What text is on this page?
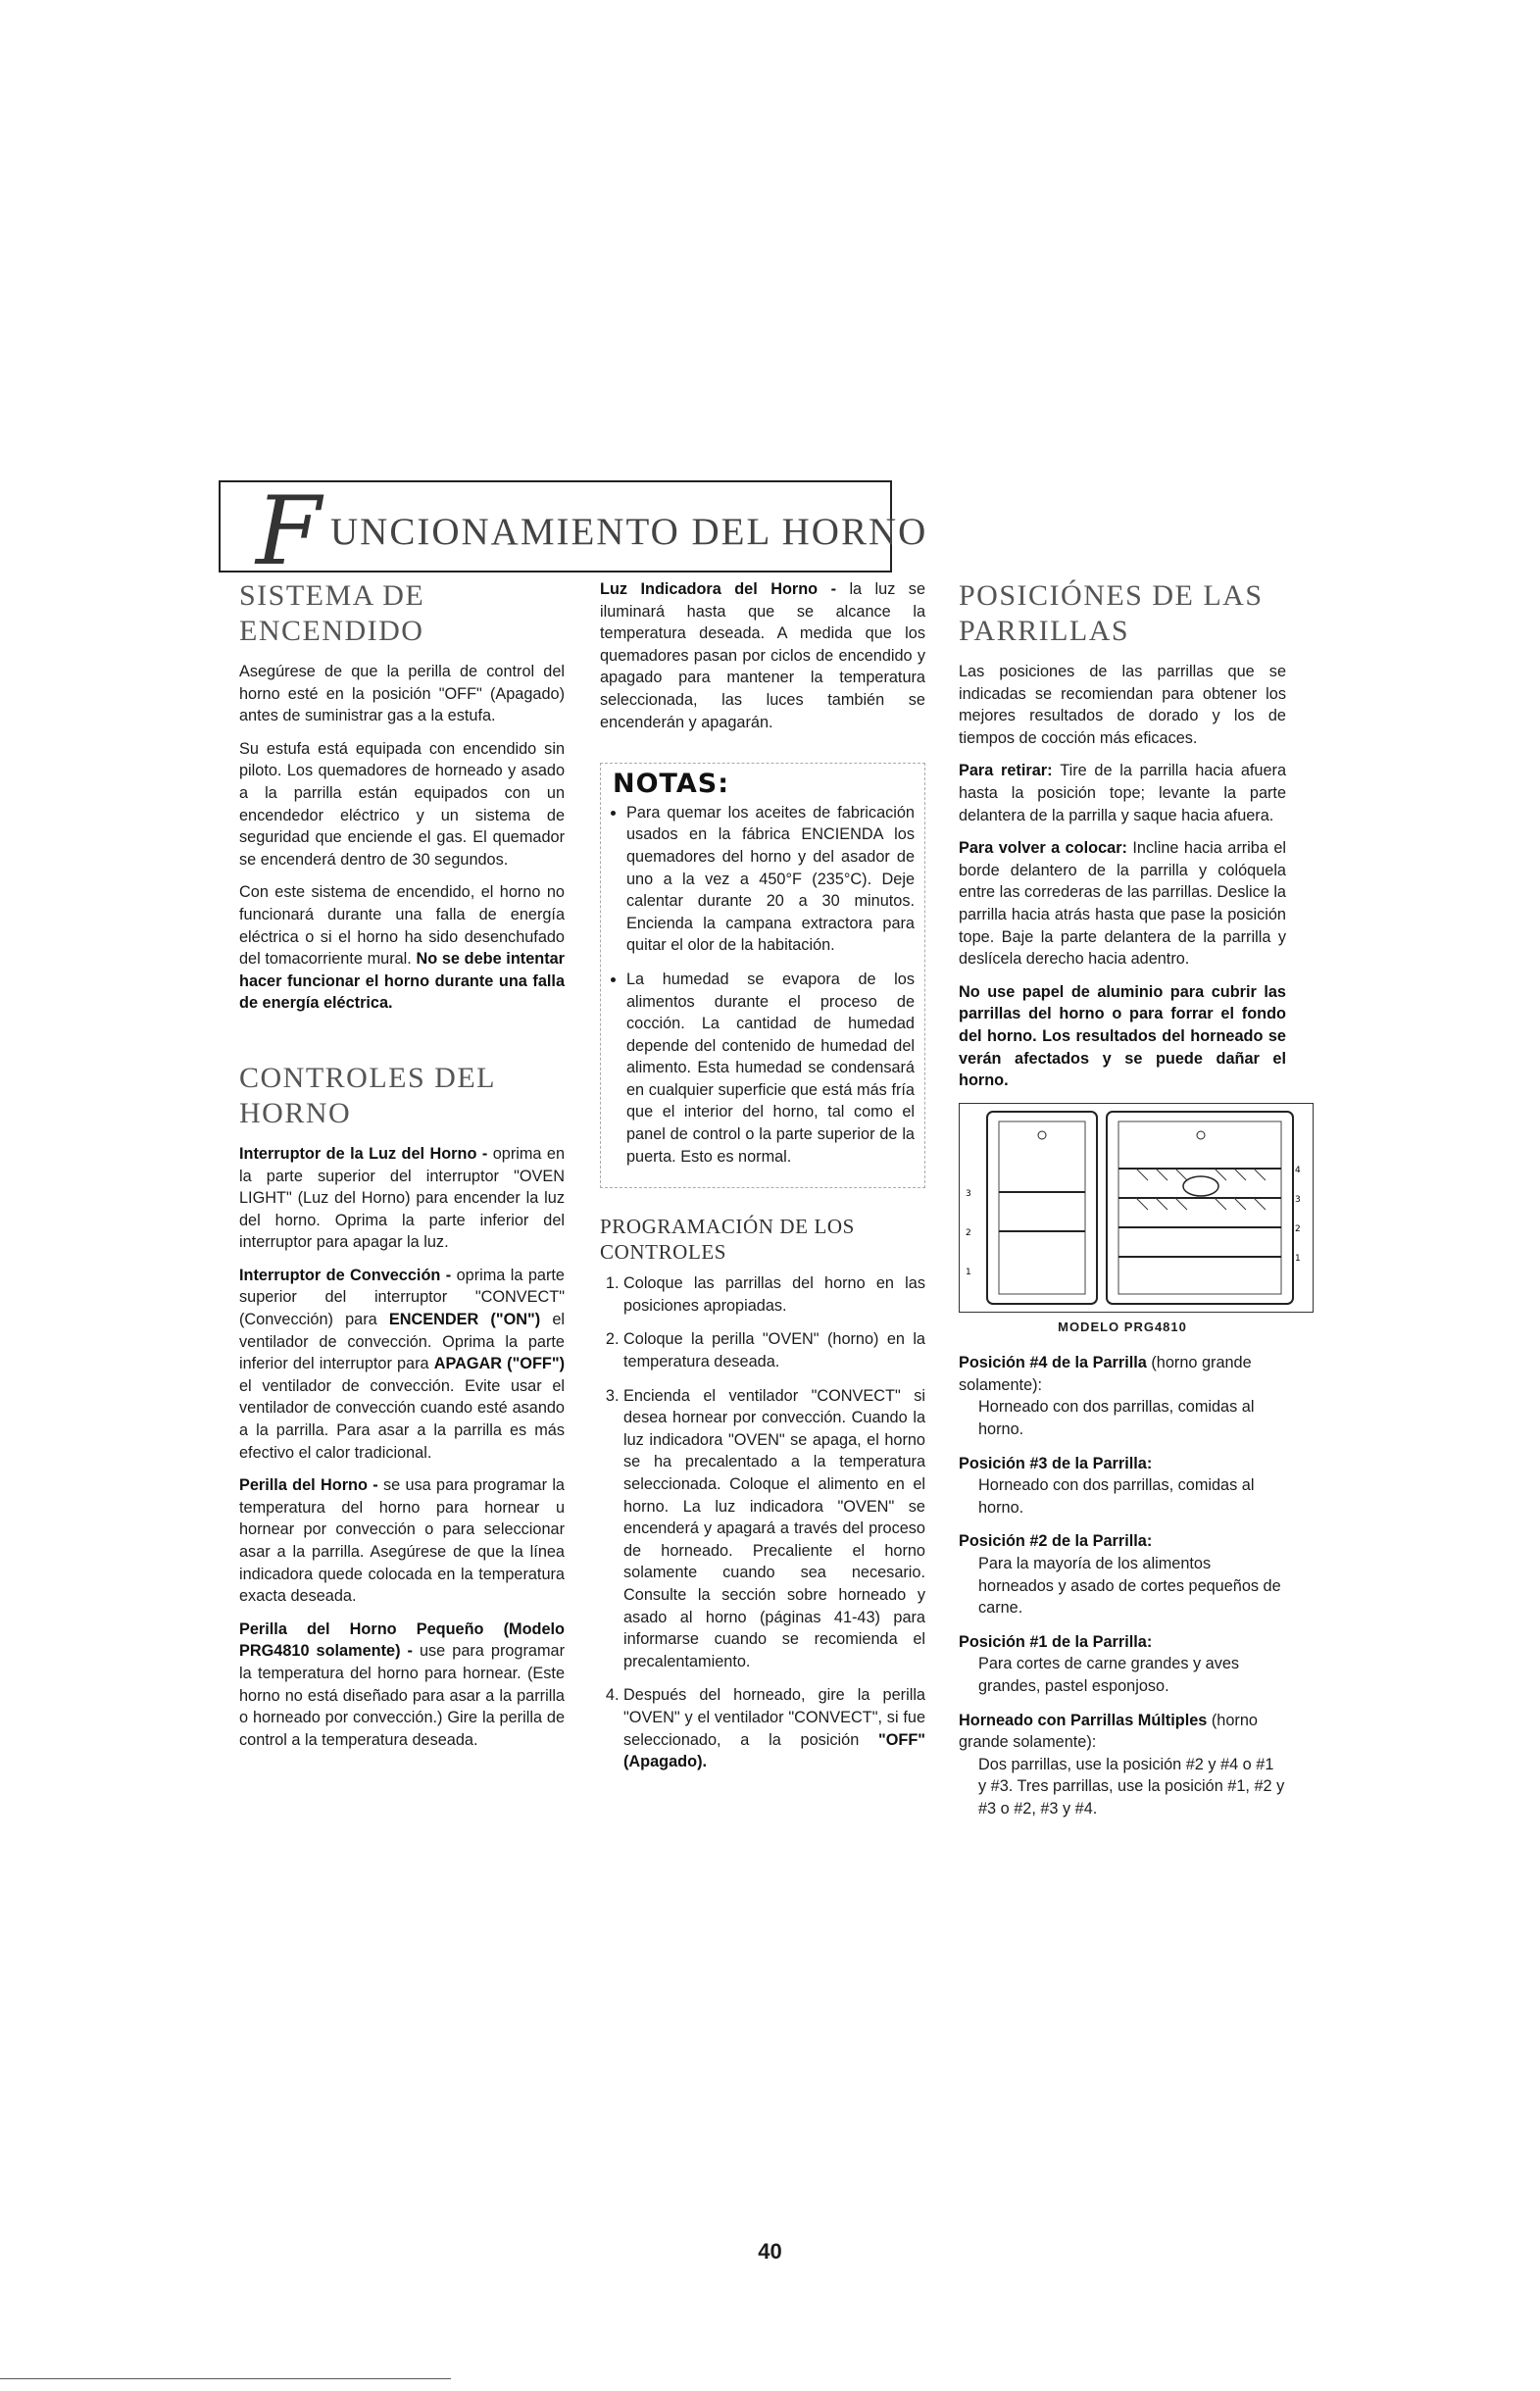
F UNCIONAMIENTO DEL HORNO
SISTEMA DE ENCENDIDO

Asegúrese de que la perilla de control del horno esté en la posición "OFF" (Apagado) antes de suministrar gas a la estufa.

Su estufa está equipada con encendido sin piloto. Los quemadores de horneado y asado a la parrilla están equipados con un encendedor eléctrico y un sistema de seguridad que enciende el gas. El quemador se encenderá dentro de 30 segundos.

Con este sistema de encendido, el horno no funcionará durante una falla de energía eléctrica o si el horno ha sido desenchufado del tomacorriente mural. No se debe intentar hacer funcionar el horno durante una falla de energía eléctrica.

CONTROLES DEL HORNO

Interruptor de la Luz del Horno - oprima en la parte superior del interruptor "OVEN LIGHT" (Luz del Horno) para encender la luz del horno. Oprima la parte inferior del interruptor para apagar la luz.

Interruptor de Convección - oprima la parte superior del interruptor "CONVECT" (Convección) para ENCENDER ("ON") el ventilador de convección. Oprima la parte inferior del interruptor para APAGAR ("OFF") el ventilador de convección. Evite usar el ventilador de convección cuando esté asando a la parrilla. Para asar a la parrilla es más efectivo el calor tradicional.

Perilla del Horno - se usa para programar la temperatura del horno para hornear u hornear por convección o para seleccionar asar a la parrilla. Asegúrese de que la línea indicadora quede colocada en la temperatura exacta deseada.

Perilla del Horno Pequeño (Modelo PRG4810 solamente) - use para programar la temperatura del horno para hornear. (Este horno no está diseñado para asar a la parrilla o horneado por convección.) Gire la perilla de control a la temperatura deseada.

Luz Indicadora del Horno - la luz se iluminará hasta que se alcance la temperatura deseada. A medida que los quemadores pasan por ciclos de encendido y apagado para mantener la temperatura seleccionada, las luces también se encenderán y apagarán.

NOTAS:
• Para quemar los aceites de fabricación usados en la fábrica ENCIENDA los quemadores del horno y del asador de uno a la vez a 450°F (235°C). Deje calentar durante 20 a 30 minutos. Encienda la campana extractora para quitar el olor de la habitación.
• La humedad se evapora de los alimentos durante el proceso de cocción. La cantidad de humedad depende del contenido de humedad del alimento. Esta humedad se condensará en cualquier superficie que está más fría que el interior del horno, tal como el panel de control o la parte superior de la puerta. Esto es normal.
PROGRAMACIÓN DE LOS CONTROLES
1. Coloque las parrillas del horno en las posiciones apropiadas.
2. Coloque la perilla "OVEN" (horno) en la temperatura deseada.
3. Encienda el ventilador "CONVECT" si desea hornear por convección. Cuando la luz indicadora "OVEN" se apaga, el horno se ha precalentado a la temperatura seleccionada. Coloque el alimento en el horno. La luz indicadora "OVEN" se encenderá y apagará a través del proceso de horneado. Precaliente el horno solamente cuando sea necesario. Consulte la sección sobre horneado y asado al horno (páginas 41-43) para informarse cuando se recomienda el precalentamiento.
4. Después del horneado, gire la perilla "OVEN" y el ventilador "CONVECT", si fue seleccionado, a la posición "OFF" (Apagado).
POSICIÓNES DE LAS PARRILLAS

Las posiciones de las parrillas que se indicadas se recomiendan para obtener los mejores resultados de dorado y los de tiempos de cocción más eficaces.

Para retirar: Tire de la parrilla hacia afuera hasta la posición tope; levante la parte delantera de la parrilla y saque hacia afuera.

Para volver a colocar: Incline hacia arriba el borde delantero de la parrilla y colóquela entre las correderas de las parrillas. Deslice la parrilla hacia atrás hasta que pase la posición tope. Baje la parte delantera de la parrilla y deslícela derecho hacia adentro.

No use papel de aluminio para cubrir las parrillas del horno o para forrar el fondo del horno. Los resultados del horneado se verán afectados y se puede dañar el horno.

4
3
2
1
3
2
1
MODELO PRG4810
Posición #4 de la Parrilla (horno grande solamente):
Horneado con dos parrillas, comidas al horno.
Posición #3 de la Parrilla:
Horneado con dos parrillas, comidas al horno.
Posición #2 de la Parrilla:
Para la mayoría de los alimentos horneados y asado de cortes pequeños de carne.
Posición #1 de la Parrilla:
Para cortes de carne grandes y aves grandes, pastel esponjoso.
Horneado con Parrillas Múltiples (horno grande solamente):
Dos parrillas, use la posición #2 y #4 o #1 y #3. Tres parrillas, use la posición #1, #2 y #3 o #2, #3 y #4.
40
